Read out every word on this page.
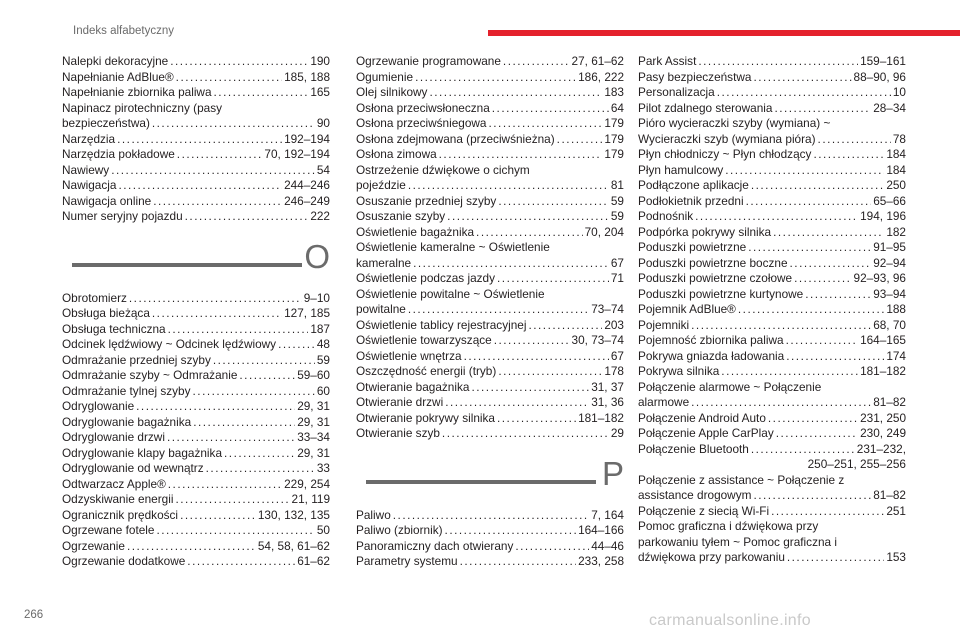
Indeks alfabetyczny
Nalepki dekoracyjne .....	190
Napełnianie AdBlue® .....	185, 188
Napełnianie zbiornika paliwa .....	165
Napinacz pirotechniczny (pasy
bezpieczeństwa) .....	90
Narzędzia .....	192–194
Narzędzia pokładowe .....	70, 192–194
Nawiewy .....	54
Nawigacja .....	244–246
Nawigacja online .....	246–249
Numer seryjny pojazdu .....	222
O
Obrotomierz .....	9–10
Obsługa bieżąca .....	127, 185
Obsługa techniczna .....	187
Odcinek lędźwiowy ~ Odcinek lędźwiowy .....	48
Odmrażanie przedniej szyby .....	59
Odmrażanie szyby ~ Odmrażanie .....	59–60
Odmrażanie tylnej szyby .....	60
Odryglowanie .....	29, 31
Odryglowanie bagażnika .....	29, 31
Odryglowanie drzwi .....	33–34
Odryglowanie klapy bagażnika .....	29, 31
Odryglowanie od wewnątrz .....	33
Odtwarzacz Apple® .....	229, 254
Odzyskiwanie energii .....	21, 119
Ogranicznik prędkości .....	130, 132, 135
Ogrzewane fotele .....	50
Ogrzewanie .....	54, 58, 61–62
Ogrzewanie dodatkowe .....	61–62
Ogrzewanie programowane .....	27, 61–62
Ogumienie .....	186, 222
Olej silnikowy .....	183
Osłona przeciwsłoneczna .....	64
Osłona przeciwśniegowa .....	179
Osłona zdejmowana (przeciwśnieżna) .....	179
Osłona zimowa .....	179
Ostrzeżenie dźwiękowe o cichym
pojeździe .....	81
Osuszanie przedniej szyby .....	59
Osuszanie szyby .....	59
Oświetlenie bagażnika .....	70, 204
Oświetlenie kameralne ~ Oświetlenie
kameralne .....	67
Oświetlenie podczas jazdy .....	71
Oświetlenie powitalne ~ Oświetlenie
powitalne .....	73–74
Oświetlenie tablicy rejestracyjnej .....	203
Oświetlenie towarzyszące .....	30, 73–74
Oświetlenie wnętrza .....	67
Oszczędność energii (tryb) .....	178
Otwieranie bagażnika .....	31, 37
Otwieranie drzwi .....	31, 36
Otwieranie pokrywy silnika .....	181–182
Otwieranie szyb .....	29
P
Paliwo .....	7, 164
Paliwo (zbiornik) .....	164–166
Panoramiczny dach otwierany .....	44–46
Parametry systemu .....	233, 258
Park Assist .....	159–161
Pasy bezpieczeństwa .....	88–90, 96
Personalizacja .....	10
Pilot zdalnego sterowania .....	28–34
Pióro wycieraczki szyby (wymiana) ~
Wycieraczki szyb (wymiana pióra) .....	78
Płyn chłodniczy ~ Płyn chłodzący .....	184
Płyn hamulcowy .....	184
Podłączone aplikacje .....	250
Podłokietnik przedni .....	65–66
Podnośnik .....	194, 196
Podpórka pokrywy silnika .....	182
Poduszki powietrzne .....	91–95
Poduszki powietrzne boczne .....	92–94
Poduszki powietrzne czołowe .....	92–93, 96
Poduszki powietrzne kurtynowe .....	93–94
Pojemnik AdBlue® .....	188
Pojemniki .....	68, 70
Pojemność zbiornika paliwa .....	164–165
Pokrywa gniazda ładowania .....	174
Pokrywa silnika .....	181–182
Połączenie alarmowe ~ Połączenie
alarmowe .....	81–82
Połączenie Android Auto .....	231, 250
Połączenie Apple CarPlay .....	230, 249
Połączenie Bluetooth .....	231–232,
250–251, 255–256
Połączenie z assistance ~ Połączenie z
assistance drogowym .....	81–82
Połączenie z siecią Wi-Fi .....	251
Pomoc graficzna i dźwiękowa przy
parkowaniu tyłem ~ Pomoc graficzna i
dźwiękowa przy parkowaniu .....	153
266	carmanualsonline.info
